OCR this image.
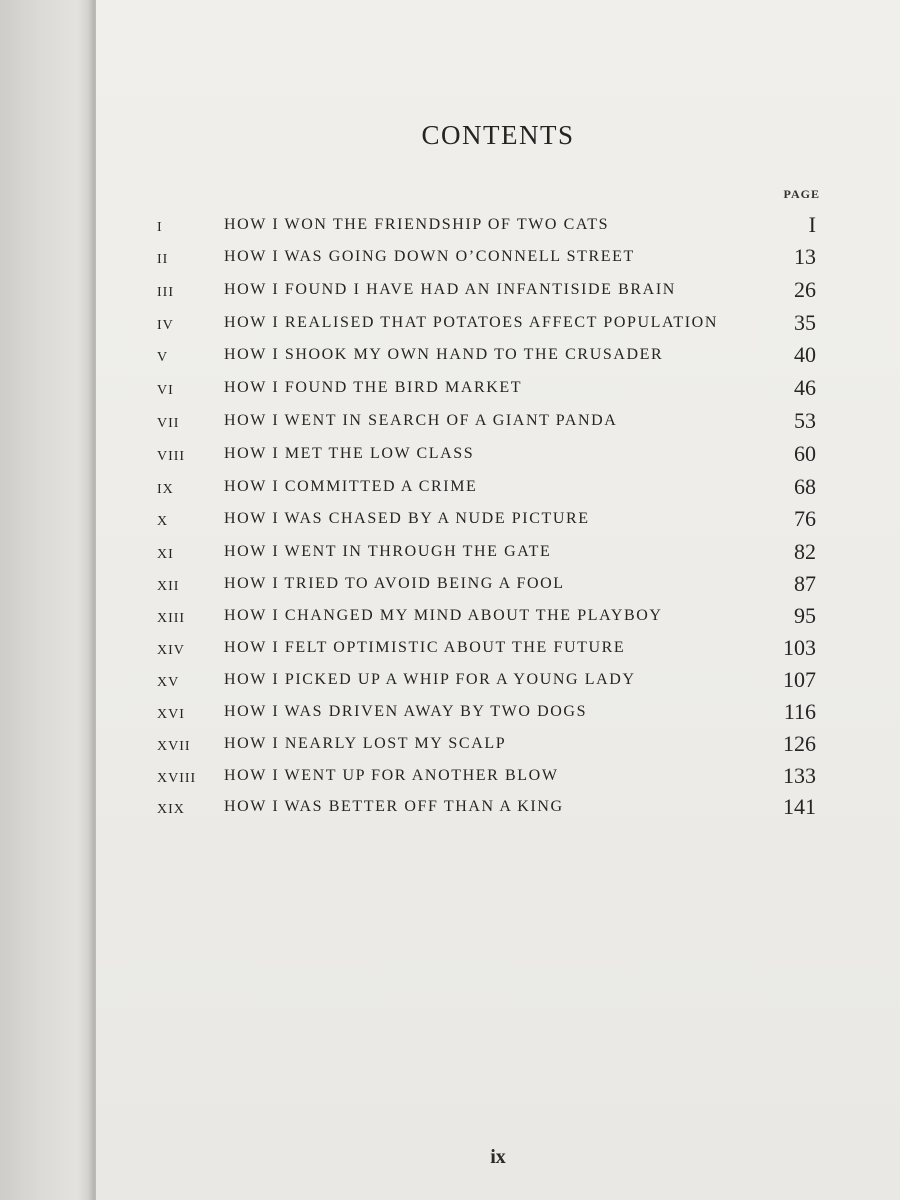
CONTENTS
PAGE
I	HOW I WON THE FRIENDSHIP OF TWO CATS	I
II	HOW I WAS GOING DOWN O’CONNELL STREET	13
III	HOW I FOUND I HAVE HAD AN INFANTISIDE BRAIN	26
IV	HOW I REALISED THAT POTATOES AFFECT POPULATION	35
V	HOW I SHOOK MY OWN HAND TO THE CRUSADER	40
VI	HOW I FOUND THE BIRD MARKET	46
VII	HOW I WENT IN SEARCH OF A GIANT PANDA	53
VIII HOW I MET THE LOW CLASS	60
IX	HOW I COMMITTED A CRIME	68
X	HOW I WAS CHASED BY A NUDE PICTURE	76
XI	HOW I WENT IN THROUGH THE GATE	82
XII	HOW I TRIED TO AVOID BEING A FOOL	87
XIII HOW I CHANGED MY MIND ABOUT THE PLAYBOY	95
XIV HOW I FELT OPTIMISTIC ABOUT THE FUTURE	103
XV	HOW I PICKED UP A WHIP FOR A YOUNG LADY	107
XVI HOW I WAS DRIVEN AWAY BY TWO DOGS	116
XVII HOW I NEARLY LOST MY SCALP	126
XVIII HOW I WENT UP FOR ANOTHER BLOW	133
XIX HOW I WAS BETTER OFF THAN A KING	141
ix
